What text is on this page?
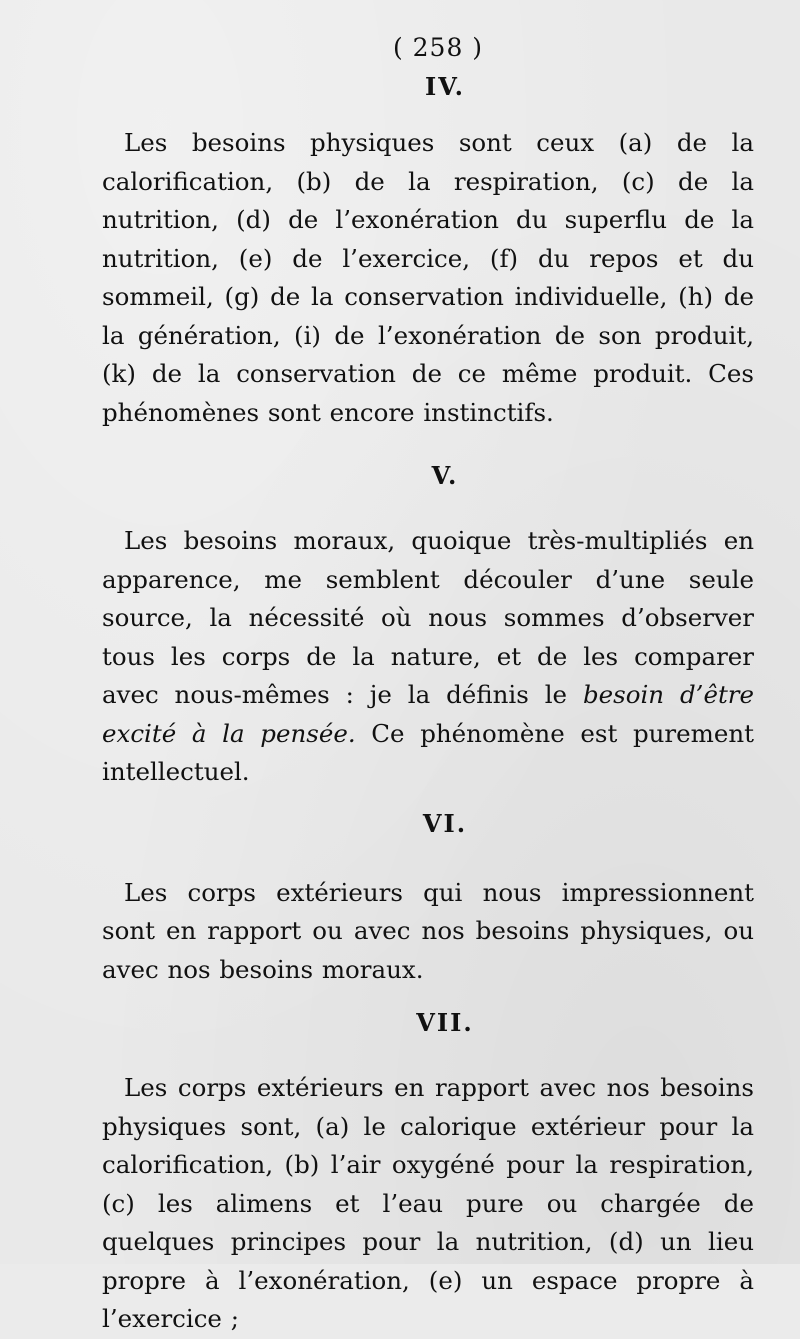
( 258 )
IV.

Les besoins physiques sont ceux (a) de la calorification, (b) de la respiration, (c) de la nutrition, (d) de l’exonération du superflu de la nutrition, (e) de l’exercice, (f) du repos et du sommeil, (g) de la conservation individuelle, (h) de la génération, (i) de l’exonération de son produit, (k) de la conservation de ce même produit. Ces phénomènes sont encore instinctifs.

V.

Les besoins moraux, quoique très-multipliés en apparence, me semblent découler d’une seule source, la nécessité où nous sommes d’observer tous les corps de la nature, et de les comparer avec nous-mêmes : je la définis le besoin d’être excité à la pensée. Ce phénomène est purement intellectuel.

VI.

Les corps extérieurs qui nous impressionnent sont en rapport ou avec nos besoins physiques, ou avec nos besoins moraux.

VII.

Les corps extérieurs en rapport avec nos besoins physiques sont, (a) le calorique extérieur pour la calorification, (b) l’air oxygéné pour la respiration, (c) les alimens et l’eau pure ou chargée de quelques principes pour la nutrition, (d) un lieu propre à l’exonération, (e) un espace propre à l’exercice ;
